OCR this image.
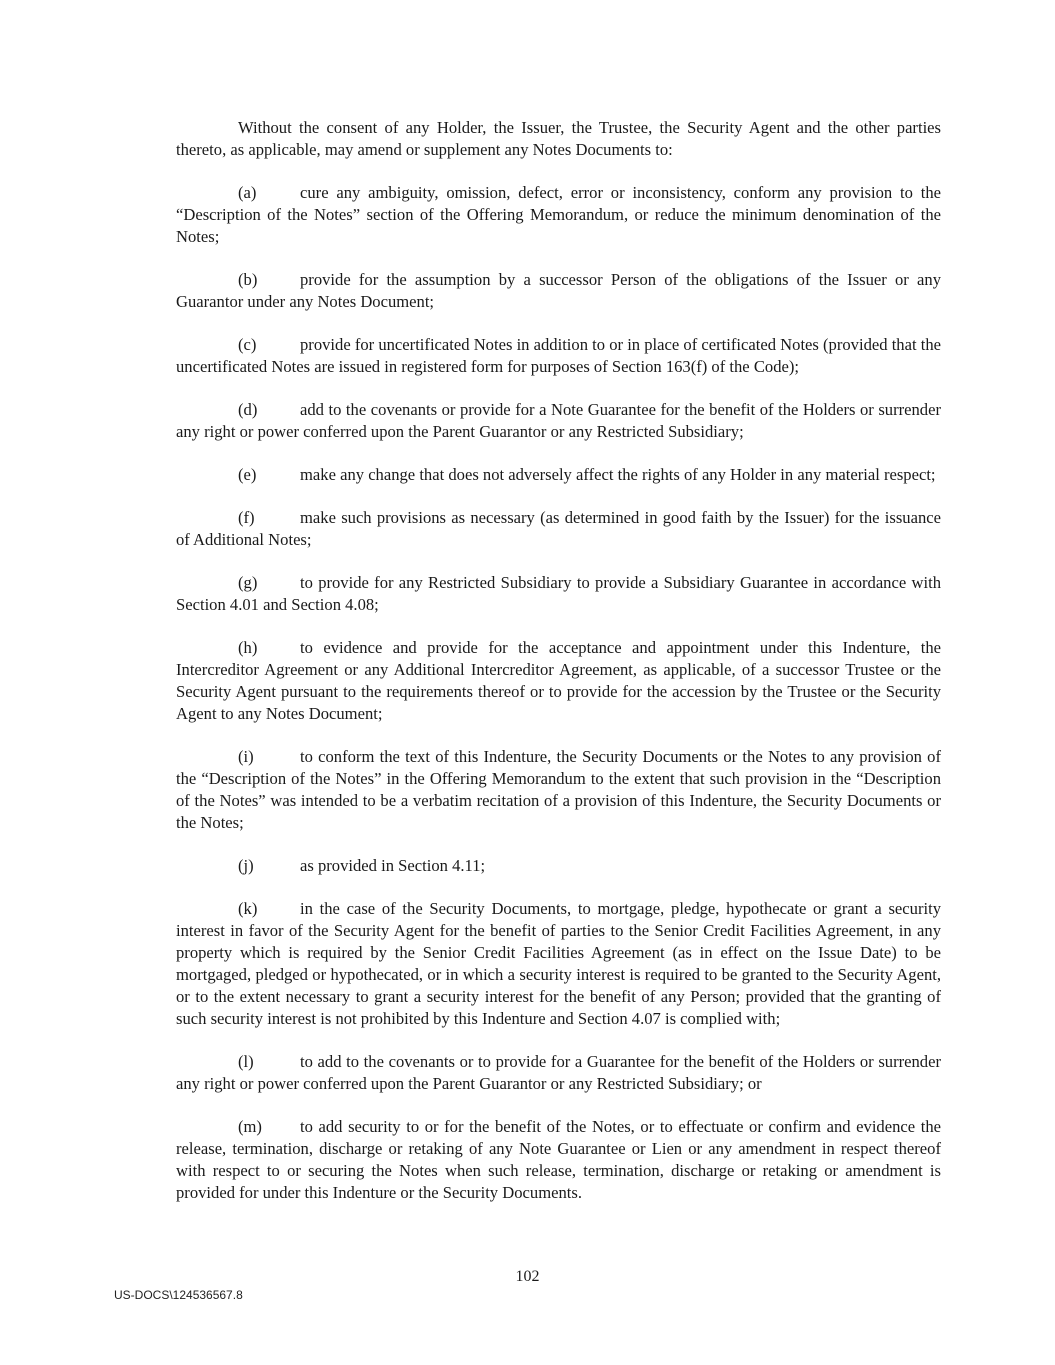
Without the consent of any Holder, the Issuer, the Trustee, the Security Agent and the other parties thereto, as applicable, may amend or supplement any Notes Documents to:

(a)	cure any ambiguity, omission, defect, error or inconsistency, conform any provision to the “Description of the Notes” section of the Offering Memorandum, or reduce the minimum denomination of the Notes;

(b)	provide for the assumption by a successor Person of the obligations of the Issuer or any Guarantor under any Notes Document;

(c)	provide for uncertificated Notes in addition to or in place of certificated Notes (provided that the uncertificated Notes are issued in registered form for purposes of Section 163(f) of the Code);

(d)	add to the covenants or provide for a Note Guarantee for the benefit of the Holders or surrender any right or power conferred upon the Parent Guarantor or any Restricted Subsidiary;

(e)	make any change that does not adversely affect the rights of any Holder in any material respect;

(f)	make such provisions as necessary (as determined in good faith by the Issuer) for the issuance of Additional Notes;

(g)	to provide for any Restricted Subsidiary to provide a Subsidiary Guarantee in accordance with Section 4.01 and Section 4.08;

(h)	to evidence and provide for the acceptance and appointment under this Indenture, the Intercreditor Agreement or any Additional Intercreditor Agreement, as applicable, of a successor Trustee or the Security Agent pursuant to the requirements thereof or to provide for the accession by the Trustee or the Security Agent to any Notes Document;

(i)	to conform the text of this Indenture, the Security Documents or the Notes to any provision of the “Description of the Notes” in the Offering Memorandum to the extent that such provision in the “Description of the Notes” was intended to be a verbatim recitation of a provision of this Indenture, the Security Documents or the Notes;

(j)	as provided in Section 4.11;

(k)	in the case of the Security Documents, to mortgage, pledge, hypothecate or grant a security interest in favor of the Security Agent for the benefit of parties to the Senior Credit Facilities Agreement, in any property which is required by the Senior Credit Facilities Agreement (as in effect on the Issue Date) to be mortgaged, pledged or hypothecated, or in which a security interest is required to be granted to the Security Agent, or to the extent necessary to grant a security interest for the benefit of any Person; provided that the granting of such security interest is not prohibited by this Indenture and Section 4.07 is complied with;

(l)	to add to the covenants or to provide for a Guarantee for the benefit of the Holders or surrender any right or power conferred upon the Parent Guarantor or any Restricted Subsidiary; or

(m) to add security to or for the benefit of the Notes, or to effectuate or confirm and evidence the release, termination, discharge or retaking of any Note Guarantee or Lien or any amendment in respect thereof with respect to or securing the Notes when such release, termination, discharge or retaking or amendment is provided for under this Indenture or the Security Documents.

102
US-DOCS\124536567.8
